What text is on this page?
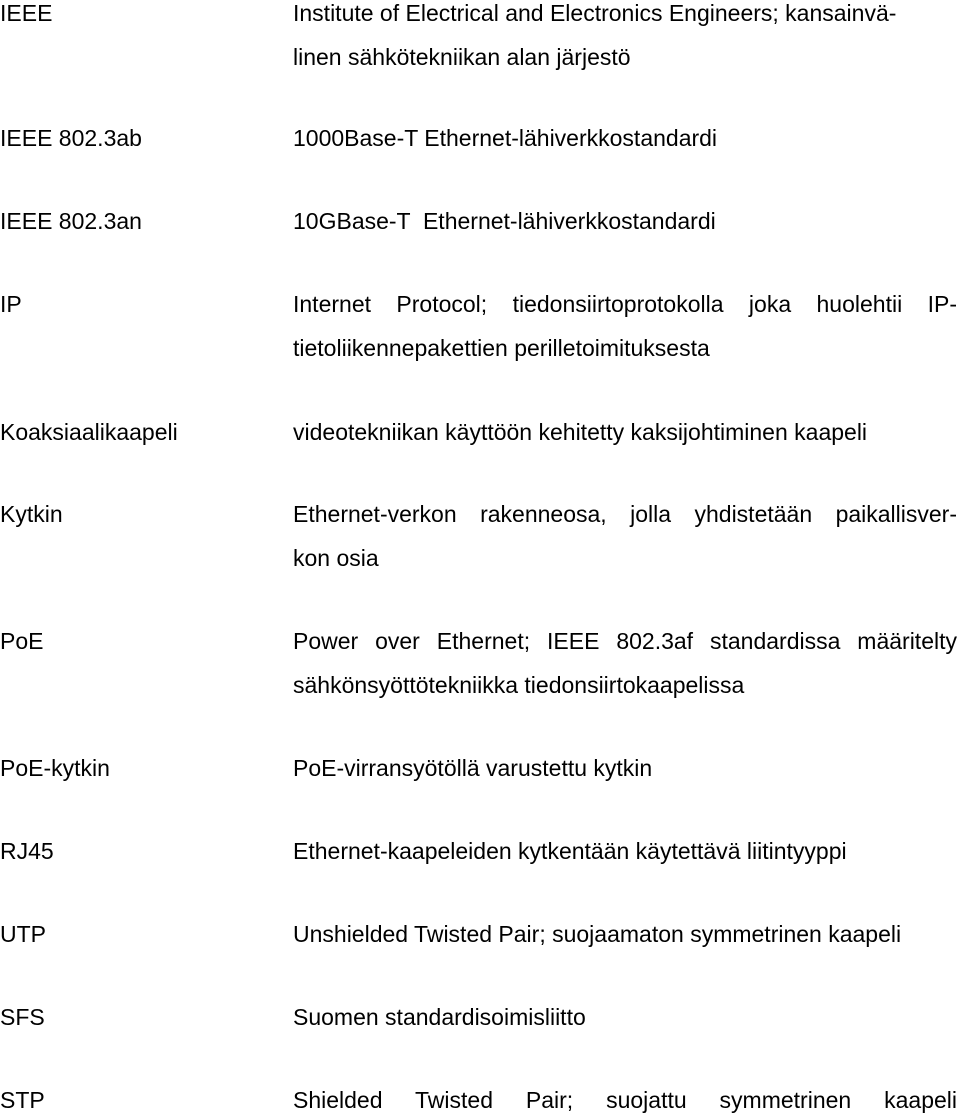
IEEE	Institute of Electrical and Electronics Engineers; kansainvä-
linen sähkötekniikan alan järjestö
IEEE 802.3ab	1000Base-T Ethernet-lähiverkkostandardi
IEEE 802.3an	10GBase-T  Ethernet-lähiverkkostandardi
IP	Internet Protocol; tiedonsiirtoprotokolla joka huolehtii IP-
tietoliikennepakettien perilletoimituksesta
Koaksiaalikaapeli	videotekniikan käyttöön kehitetty kaksijohtiminen kaapeli
Kytkin	Ethernet-verkon rakenneosa, jolla yhdistetään paikallisver-
kon osia
PoE	Power over Ethernet; IEEE 802.3af standardissa määritelty
sähkönsyöttötekniikka tiedonsiirtokaapelissa
PoE-kytkin	PoE-virransyötöllä varustettu kytkin
RJ45	Ethernet-kaapeleiden kytkentään käytettävä liitintyyppi
UTP	Unshielded Twisted Pair; suojaamaton symmetrinen kaapeli
SFS	Suomen standardisoimisliitto
STP	Shielded Twisted Pair; suojattu symmetrinen kaapeli
